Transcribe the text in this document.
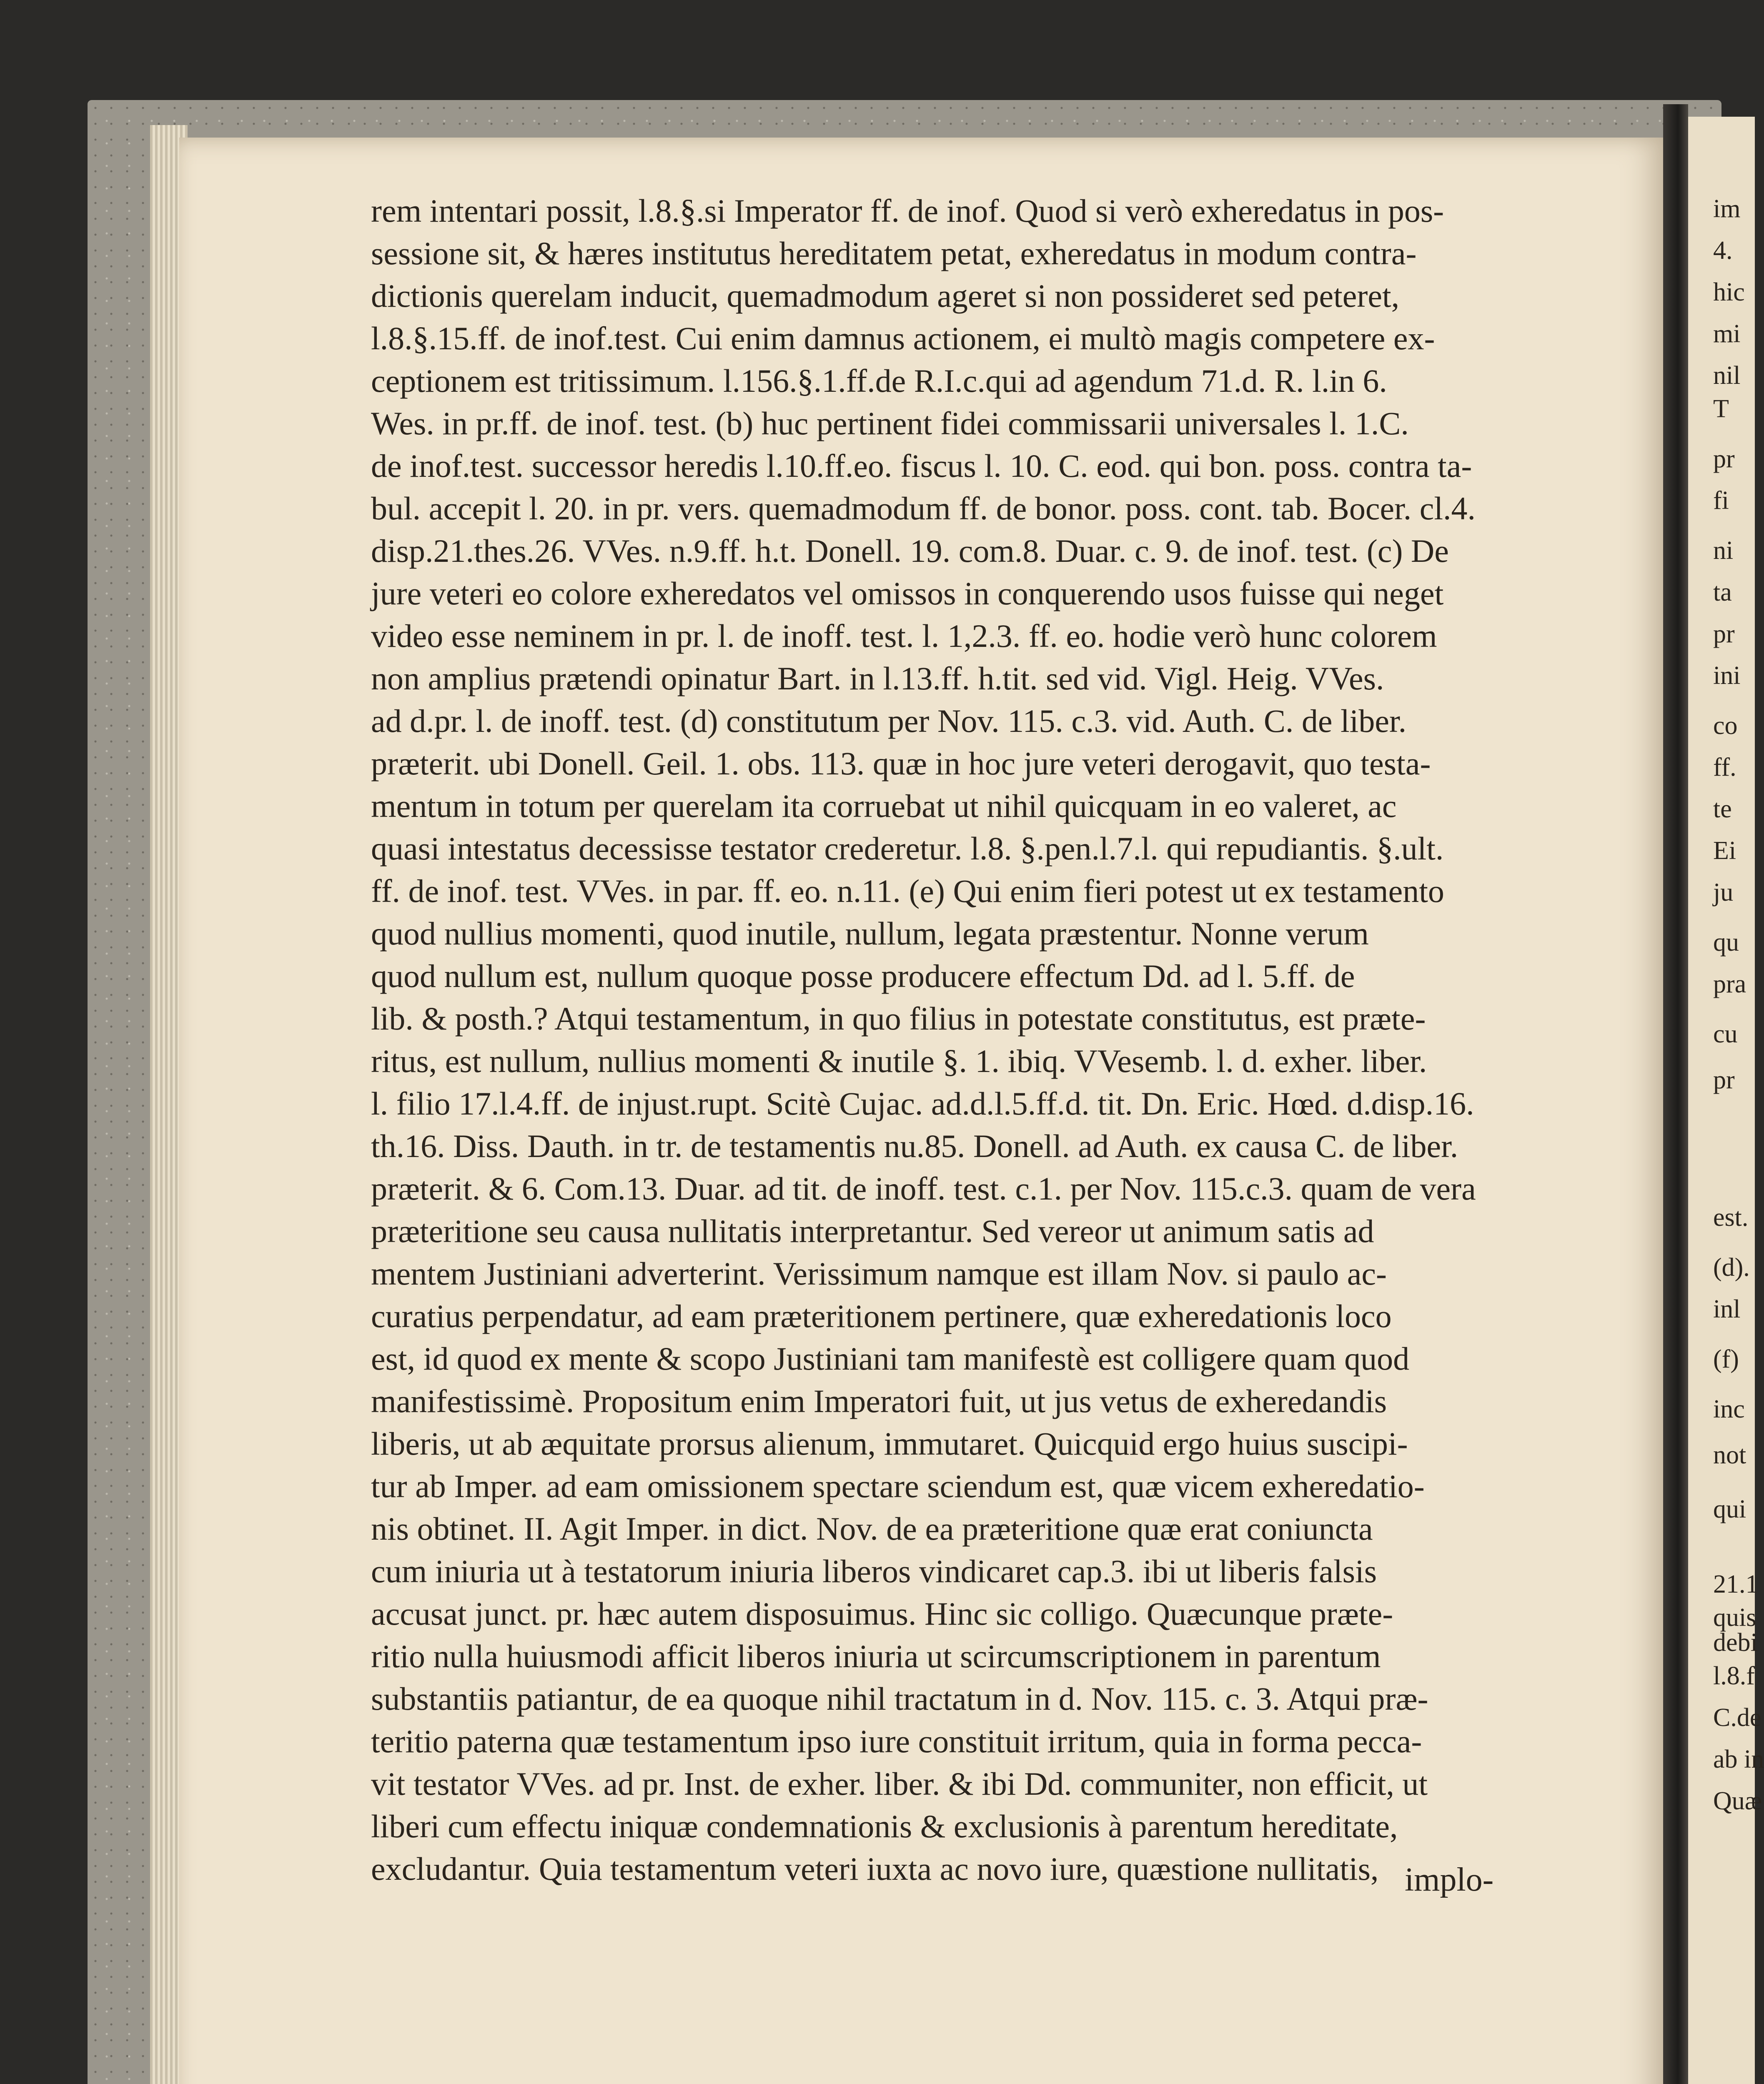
rem intentari possit, l.8.§.si Imperator ff. de inof. Quod si verò exheredatus in pos-
sessione sit, & hæres institutus hereditatem petat, exheredatus in modum contra-
dictionis querelam inducit, quemadmodum ageret si non possideret sed peteret,
l.8.§.15.ff. de inof.test. Cui enim damnus actionem, ei multò magis competere ex-
ceptionem est tritissimum. l.156.§.1.ff.de R.I.c.qui ad agendum 71.d. R. l.in 6.
Wes. in pr.ff. de inof. test. (b) huc pertinent fidei commissarii universales l. 1.C.
de inof.test. successor heredis l.10.ff.eo. fiscus l. 10. C. eod. qui bon. poss. contra ta-
bul. accepit l. 20. in pr. vers. quemadmodum ff. de bonor. poss. cont. tab. Bocer. cl.4.
disp.21.thes.26. VVes. n.9.ff. h.t. Donell. 19. com.8. Duar. c. 9. de inof. test. (c) De
jure veteri eo colore exheredatos vel omissos in conquerendo usos fuisse qui neget
video esse neminem in pr. l. de inoff. test. l. 1,2.3. ff. eo. hodie verò hunc colorem
non amplius prætendi opinatur Bart. in l.13.ff. h.tit. sed vid. Vigl. Heig. VVes.
ad d.pr. l. de inoff. test. (d) constitutum per Nov. 115. c.3. vid. Auth. C. de liber.
præterit. ubi Donell. Geil. 1. obs. 113. quæ in hoc jure veteri derogavit, quo testa-
mentum in totum per querelam ita corruebat ut nihil quicquam in eo valeret, ac
quasi intestatus decessisse testator crederetur. l.8. §.pen.l.7.l. qui repudiantis. §.ult.
ff. de inof. test. VVes. in par. ff. eo. n.11. (e) Qui enim fieri potest ut ex testamento
quod nullius momenti, quod inutile, nullum, legata præstentur. Nonne verum
quod nullum est, nullum quoque posse producere effectum Dd. ad l. 5.ff. de
lib. & posth.? Atqui testamentum, in quo filius in potestate constitutus, est præte-
ritus, est nullum, nullius momenti & inutile §. 1. ibiq. VVesemb. l. d. exher. liber.
l. filio 17.l.4.ff. de injust.rupt. Scitè Cujac. ad.d.l.5.ff.d. tit. Dn. Eric. Hœd. d.disp.16.
th.16. Diss. Dauth. in tr. de testamentis nu.85. Donell. ad Auth. ex causa C. de liber.
præterit. & 6. Com.13. Duar. ad tit. de inoff. test. c.1. per Nov. 115.c.3. quam de vera
præteritione seu causa nullitatis interpretantur. Sed vereor ut animum satis ad
mentem Justiniani adverterint. Verissimum namque est illam Nov. si paulo ac-
curatius perpendatur, ad eam præteritionem pertinere, quæ exheredationis loco
est, id quod ex mente & scopo Justiniani tam manifestè est colligere quam quod
manifestissimè. Propositum enim Imperatori fuit, ut jus vetus de exheredandis
liberis, ut ab æquitate prorsus alienum, immutaret. Quicquid ergo huius suscipi-
tur ab Imper. ad eam omissionem spectare sciendum est, quæ vicem exheredatio-
nis obtinet. II. Agit Imper. in dict. Nov. de ea præteritione quæ erat coniuncta
cum iniuria ut à testatorum iniuria liberos vindicaret cap.3. ibi ut liberis falsis
accusat junct. pr. hæc autem disposuimus. Hinc sic colligo. Quæcunque præte-
ritio nulla huiusmodi afficit liberos iniuria ut scircumscriptionem in parentum
substantiis patiantur, de ea quoque nihil tractatum in d. Nov. 115. c. 3. Atqui præ-
teritio paterna quæ testamentum ipso iure constituit irritum, quia in forma pecca-
vit testator VVes. ad pr. Inst. de exher. liber. & ibi Dd. communiter, non efficit, ut
liberi cum effectu iniquæ condemnationis & exclusionis à parentum hereditate,
excludantur. Quia testamentum veteri iuxta ac novo iure, quæstione nullitatis, implo-
im
4.
hic
mi
nil
T
pr
fi
ni
ta
pr
ini
co
ff.
te
Ei
ju
qu
pra
cu
pr
est.
(d).
inl
(f)
inc
not
qui
21.1
quis
debi
l.8.f
C.de
ab in
Quæ
